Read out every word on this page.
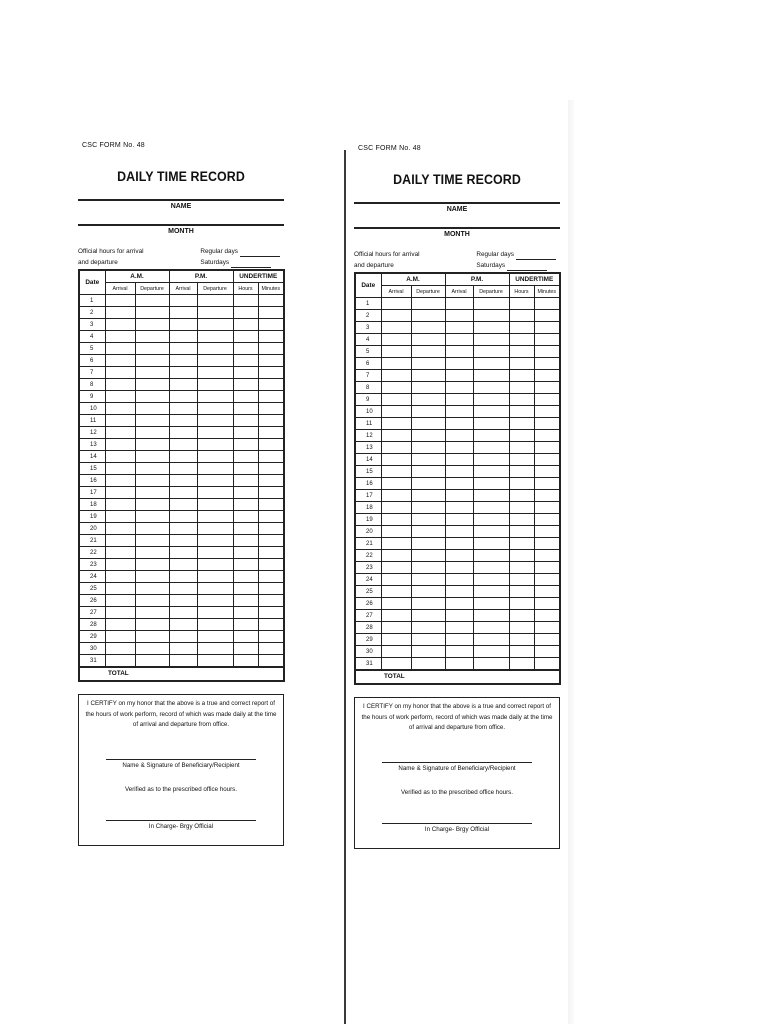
CSC FORM No. 48
DAILY TIME RECORD
NAME
MONTH
Official hours for arrival
and departure
Regular days
Saturdays
Date	A.M.		P.M.		UNDERTIME	
	Arrival	Departure	Arrival	Departure	Hours	Minutes
1						
2						
3						
4						
5						
6						
7						
8						
9						
10						
11						
12						
13						
14						
15						
16						
17						
18						
19						
20						
21						
22						
23						
24						
25						
26						
27						
28						
29						
30						
31						
TOTAL						
I CERTIFY on my honor that the above is a true and correct report of the hours of work perform, record of which was made daily at the time of arrival and departure from office.
Name & Signature of Beneficiary/Recipient
Verified as to the prescribed office hours.
In Charge- Brgy Official
CSC FORM No. 48
DAILY TIME RECORD
NAME
MONTH
Official hours for arrival
and departure
Regular days
Saturdays
Date	A.M.		P.M.		UNDERTIME	
	Arrival	Departure	Arrival	Departure	Hours	Minutes
1						
2						
3						
4						
5						
6						
7						
8						
9						
10						
11						
12						
13						
14						
15						
16						
17						
18						
19						
20						
21						
22						
23						
24						
25						
26						
27						
28						
29						
30						
31						
TOTAL						
I CERTIFY on my honor that the above is a true and correct report of the hours of work perform, record of which was made daily at the time of arrival and departure from office.
Name & Signature of Beneficiary/Recipient
Verified as to the prescribed office hours.
In Charge- Brgy Official
